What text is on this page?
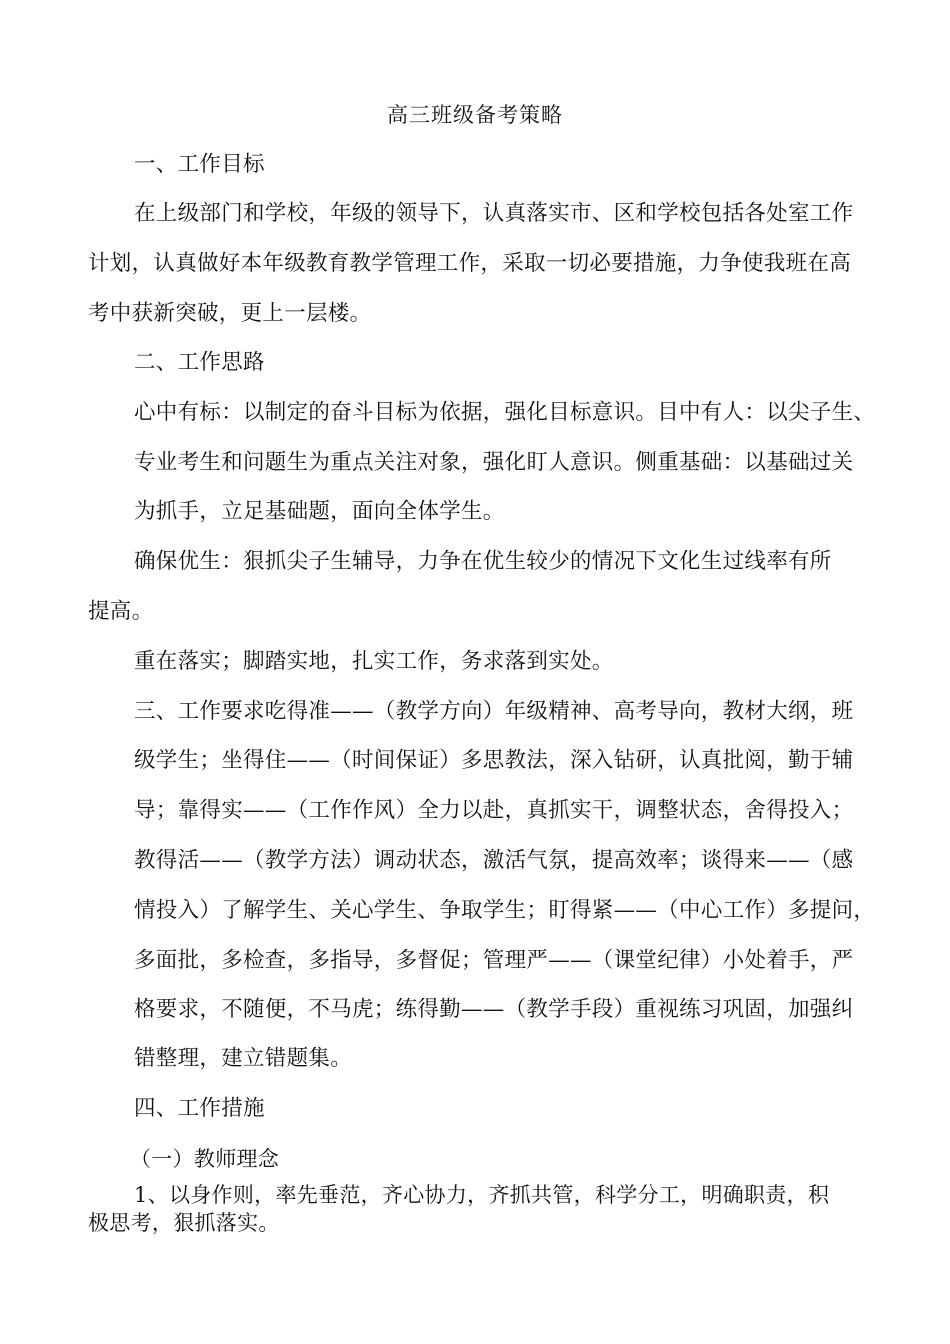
高三班级备考策略
一、工作目标
在上级部门和学校，年级的领导下，认真落实市、区和学校包括各处室工作
计划，认真做好本年级教育教学管理工作，采取一切必要措施，力争使我班在高
考中获新突破，更上一层楼。
二、工作思路
心中有标：以制定的奋斗目标为依据，强化目标意识。目中有人：以尖子生、
专业考生和问题生为重点关注对象，强化盯人意识。侧重基础：以基础过关
为抓手，立足基础题，面向全体学生。
确保优生：狠抓尖子生辅导，力争在优生较少的情况下文化生过线率有所
提高。
重在落实；脚踏实地，扎实工作，务求落到实处。
三、工作要求吃得准——（教学方向）年级精神、高考导向，教材大纲，班
级学生；坐得住——（时间保证）多思教法，深入钻研，认真批阅，勤于辅
导；靠得实——（工作作风）全力以赴，真抓实干，调整状态，舍得投入；
教得活——（教学方法）调动状态，激活气氛，提高效率；谈得来——（感
情投入）了解学生、关心学生、争取学生；盯得紧——（中心工作）多提问，
多面批，多检查，多指导，多督促；管理严——（课堂纪律）小处着手，严
格要求，不随便，不马虎；练得勤——（教学手段）重视练习巩固，加强纠
错整理，建立错题集。
四、工作措施
（一）教师理念
1、以身作则，率先垂范，齐心协力，齐抓共管，科学分工，明确职责，积
极思考，狠抓落实。
